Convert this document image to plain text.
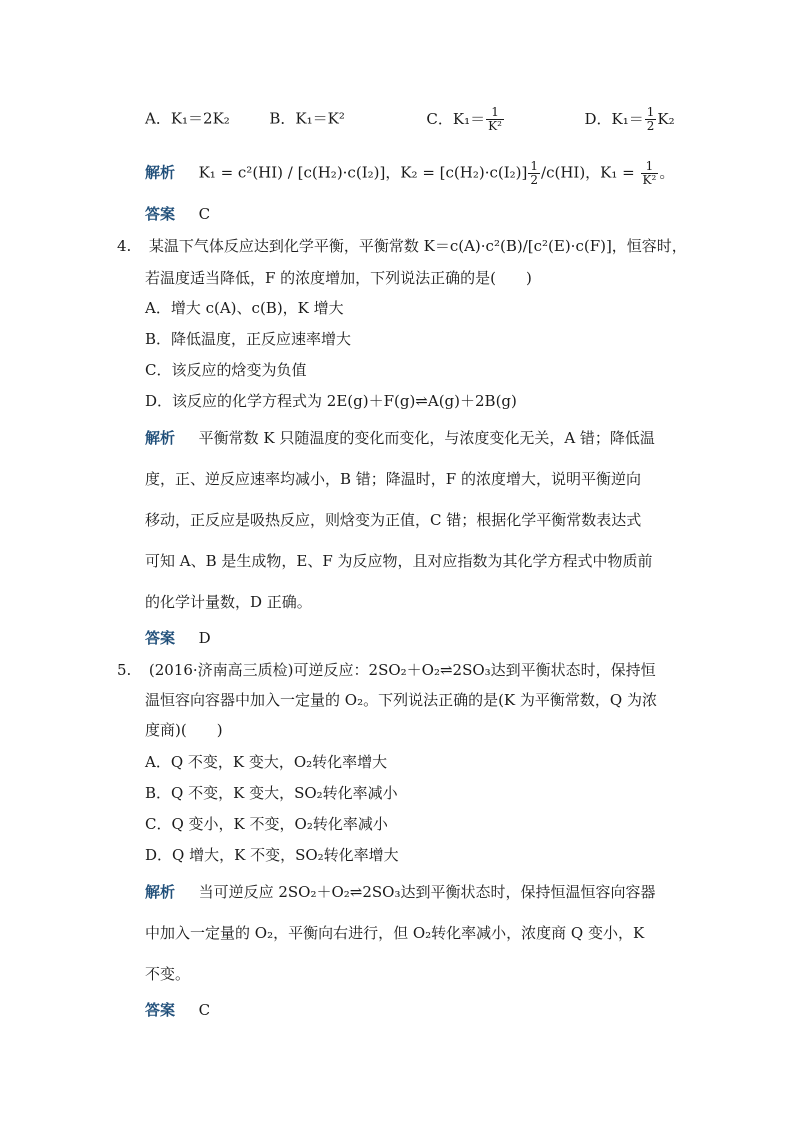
A．K₁＝2K₂	B．K₁＝K²	C．$K_1= \frac{1}{\text{K²}}$	D．$K_1= \frac{1}{2} K_2$
解析 K₁ = c²(HI) / [c(H₂)·c(I₂)]，$K_2 = [c(H_2)\cdot c(I_2)] \frac{1}{2} /c(HI)$，$K_1 = \frac{1}{\text{K²}}$ 。
答案 C
4. 某温下气体反应达到化学平衡，平衡常数 K＝c(A)·c²(B)/[c²(E)·c(F)]，恒容时，
若温度适当降低，F 的浓度增加，下列说法正确的是(　　)
A．增大 c(A)、c(B)，K 增大
B．降低温度，正反应速率增大
C．该反应的焓变为负值
D．该反应的化学方程式为 2E(g)＋F(g)⇌A(g)＋2B(g)
解析 平衡常数 K 只随温度的变化而变化，与浓度变化无关，A 错；降低温
度，正、逆反应速率均减小，B 错；降温时，F 的浓度增大，说明平衡逆向
移动，正反应是吸热反应，则焓变为正值，C 错；根据化学平衡常数表达式
可知 A、B 是生成物，E、F 为反应物，且对应指数为其化学方程式中物质前
的化学计量数，D 正确。
答案 D
5. (2016·济南高三质检)可逆反应：2SO₂＋O₂⇌2SO₃达到平衡状态时，保持恒
温恒容向容器中加入一定量的 O₂。下列说法正确的是(K 为平衡常数，Q 为浓
度商)(　　)
A．Q 不变，K 变大，O₂转化率增大
B．Q 不变，K 变大，SO₂转化率减小
C．Q 变小，K 不变，O₂转化率减小
D．Q 增大，K 不变，SO₂转化率增大
解析 当可逆反应 2SO₂＋O₂⇌2SO₃达到平衡状态时，保持恒温恒容向容器
中加入一定量的 O₂，平衡向右进行，但 O₂转化率减小，浓度商 Q 变小，K
不变。
答案 C
